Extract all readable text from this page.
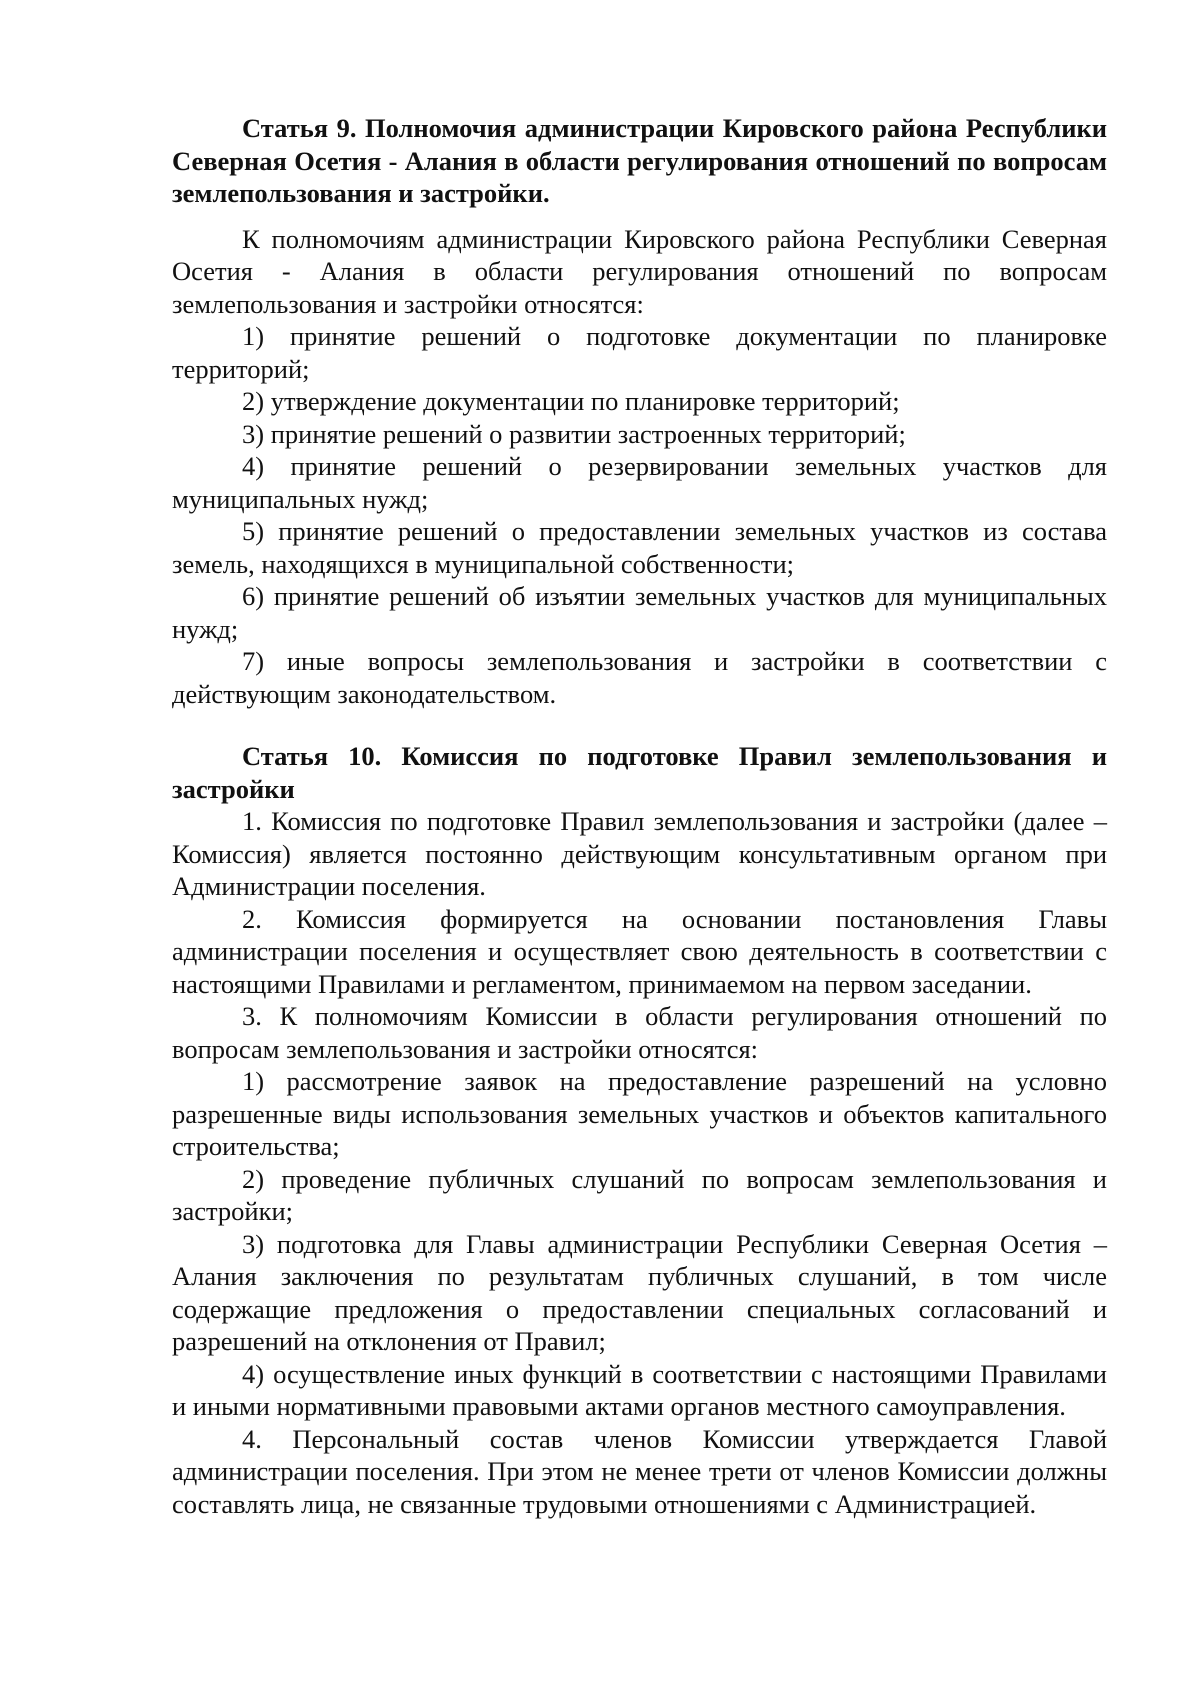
Статья 9. Полномочия администрации Кировского района Республики Северная Осетия - Алания в области регулирования отношений по вопросам землепользования и застройки.

К полномочиям администрации Кировского района Республики Северная Осетия - Алания в области регулирования отношений по вопросам землепользования и застройки относятся:

1) принятие решений о подготовке документации по планировке территорий;

2) утверждение документации по планировке территорий;

3) принятие решений о развитии застроенных территорий;

4) принятие решений о резервировании земельных участков для муниципальных нужд;

5) принятие решений о предоставлении земельных участков из состава земель, находящихся в муниципальной собственности;

6) принятие решений об изъятии земельных участков для муниципальных нужд;

7) иные вопросы землепользования и застройки в соответствии с действующим законодательством.

Статья 10. Комиссия по подготовке Правил землепользования и застройки

1. Комиссия по подготовке Правил землепользования и застройки (далее – Комиссия) является постоянно действующим консультативным органом при Администрации поселения.

2. Комиссия формируется на основании постановления Главы администрации поселения и осуществляет свою деятельность в соответствии с настоящими Правилами и регламентом, принимаемом на первом заседании.

3. К полномочиям Комиссии в области регулирования отношений по вопросам землепользования и застройки относятся:

1) рассмотрение заявок на предоставление разрешений на условно разрешенные виды использования земельных участков и объектов капитального строительства;

2) проведение публичных слушаний по вопросам землепользования и застройки;

3) подготовка для Главы администрации Республики Северная Осетия – Алания заключения по результатам публичных слушаний, в том числе содержащие предложения о предоставлении специальных согласований и разрешений на отклонения от Правил;

4) осуществление иных функций в соответствии с настоящими Правилами и иными нормативными правовыми актами органов местного самоуправления.

4. Персональный состав членов Комиссии утверждается Главой администрации поселения. При этом не менее трети от членов Комиссии должны составлять лица, не связанные трудовыми отношениями с Администрацией.
